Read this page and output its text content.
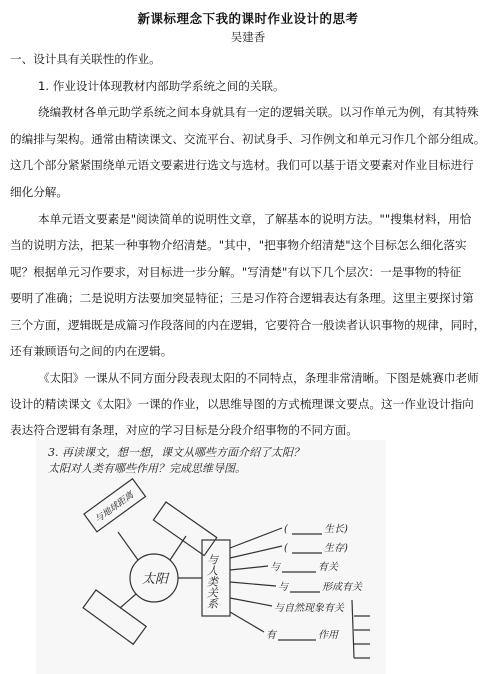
新课标理念下我的课时作业设计的思考
吴建香
一、设计具有关联性的作业。
1. 作业设计体现教材内部助学系统之间的关联。
绕编教材各单元助学系统之间本身就具有一定的逻辑关联。以习作单元为例，有其特殊
的编排与架构。通常由精读课文、交流平台、初试身手、习作例文和单元习作几个部分组成。
这几个部分紧紧围绕单元语文要素进行选文与选材。我们可以基于语文要素对作业目标进行
细化分解。
本单元语文要素是"阅读简单的说明性文章，了解基本的说明方法。""搜集材料，用恰
当的说明方法，把某一种事物介绍清楚。"其中，"把事物介绍清楚"这个目标怎么细化落实
呢？根据单元习作要求，对目标进一步分解。"写清楚"有以下几个层次：一是事物的特征
要明了准确；二是说明方法要加突显特征；三是习作符合逻辑表达有条理。这里主要探讨第
三个方面，逻辑既是成篇习作段落间的内在逻辑，它要符合一般读者认识事物的规律，同时，
还有兼顾语句之间的内在逻辑。
《太阳》一课从不同方面分段表现太阳的不同特点，条理非常清晰。下图是姚赛巾老师
设计的精读课文《太阳》一课的作业，以思维导图的方式梳理课文要点。这一作业设计指向
表达符合逻辑有条理，对应的学习目标是分段介绍事物的不同方面。
3. 再读课文，想一想，课文从哪些方面介绍了太阳？
太阳对人类有哪些作用？完成思维导图。
与地球距离
太阳	与人类关系
(	生长)
(	生存)
与	有关
与	形成有关
与自然现象有关
有	作用
